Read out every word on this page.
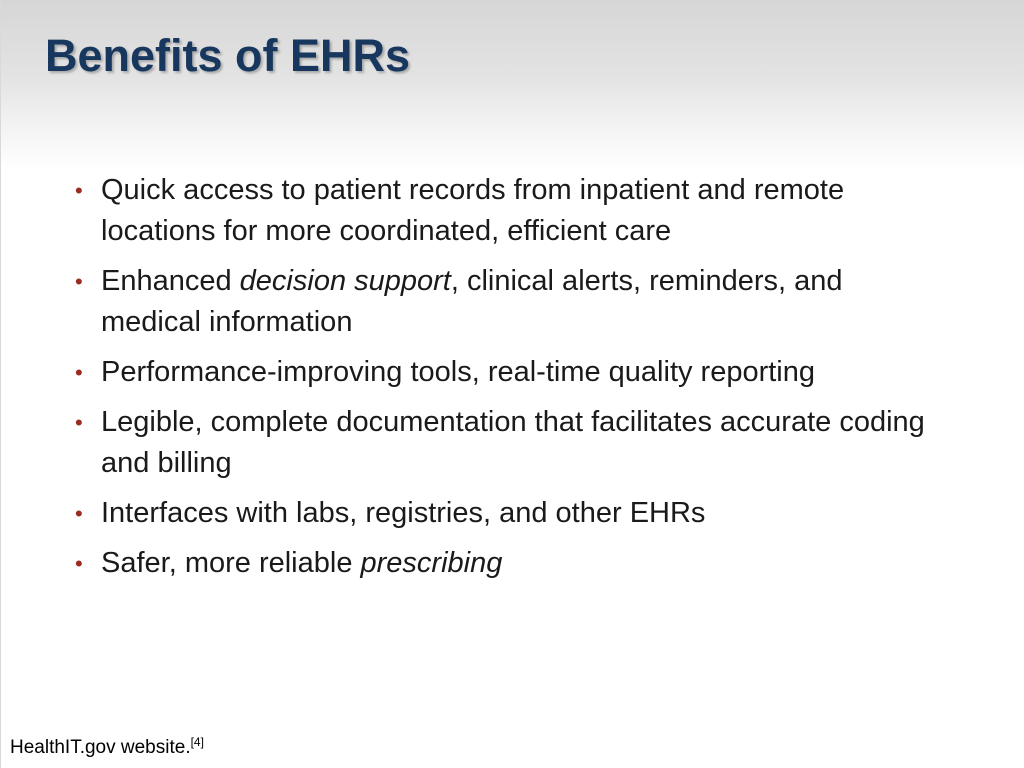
Benefits of EHRs
• Quick access to patient records from inpatient and remote locations for more coordinated, efficient care
• Enhanced decision support, clinical alerts, reminders, and medical information
• Performance-improving tools, real-time quality reporting
• Legible, complete documentation that facilitates accurate coding and billing
• Interfaces with labs, registries, and other EHRs
• Safer, more reliable prescribing
HealthIT.gov website.[4]
